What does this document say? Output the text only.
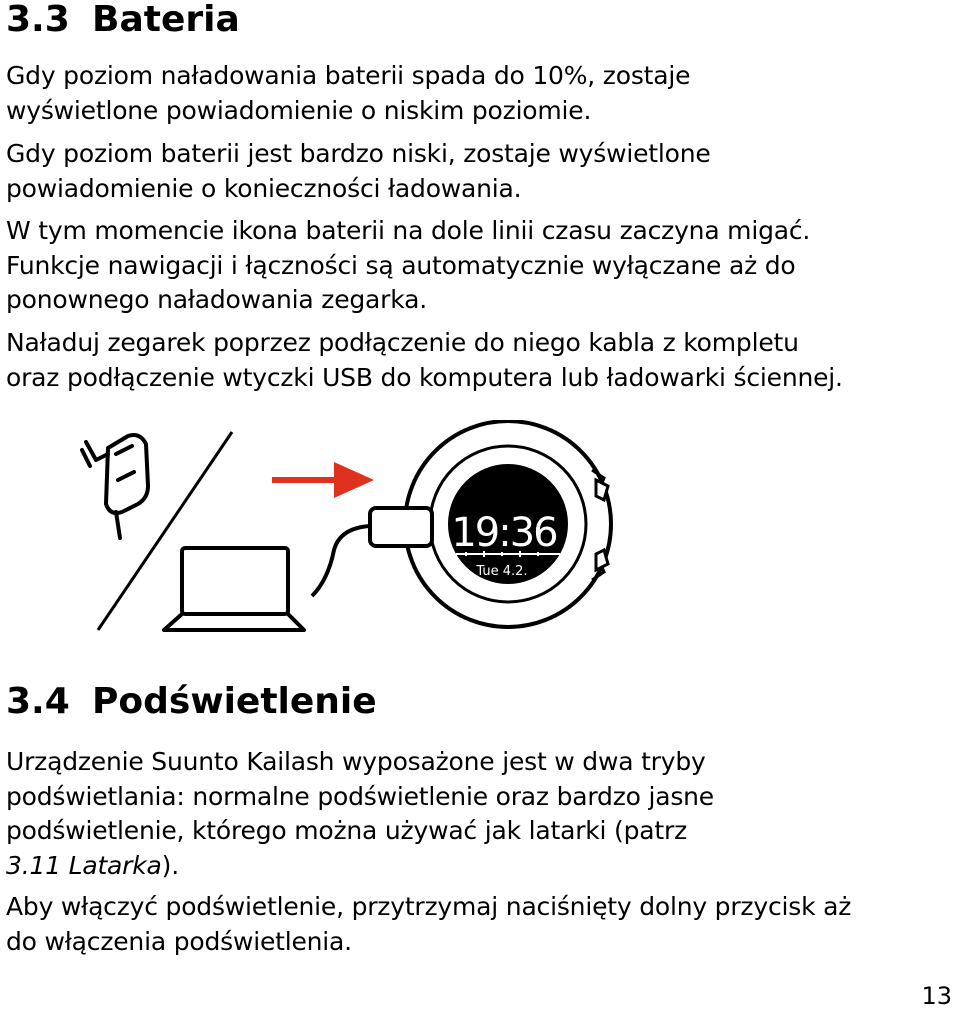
3.3 Bateria

Gdy poziom naładowania baterii spada do 10%, zostaje
wyświetlone powiadomienie o niskim poziomie.

Gdy poziom baterii jest bardzo niski, zostaje wyświetlone
powiadomienie o konieczności ładowania.

W tym momencie ikona baterii na dole linii czasu zaczyna migać.
Funkcje nawigacji i łączności są automatycznie wyłączane aż do
ponownego naładowania zegarka.

Naładuj zegarek poprzez podłączenie do niego kabla z kompletu
oraz podłączenie wtyczki USB do komputera lub ładowarki ściennej.

19:36
Tue 4.2.
3.4 Podświetlenie

Urządzenie Suunto Kailash wyposażone jest w dwa tryby
podświetlania: normalne podświetlenie oraz bardzo jasne
podświetlenie, którego można używać jak latarki (patrz
3.11 Latarka).

Aby włączyć podświetlenie, przytrzymaj naciśnięty dolny przycisk aż
do włączenia podświetlenia.

13
